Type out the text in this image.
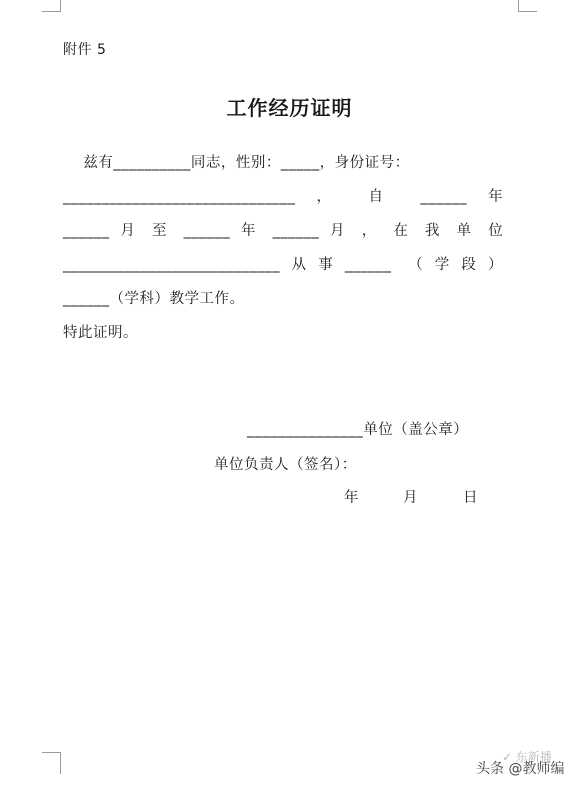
附件 5
工作经历证明
兹有__________同志，性别：_____，身份证号：
______________________________ ， 自 ______ 年
______ 月 至 ______ 年 ______ 月 ， 在 我 单 位
____________________________从事______ （学段）
______（学科）教学工作。
特此证明。
_______________单位（盖公章）
单位负责人（签名）：
年	月	日
✓ 东新播
头条 @教师编
